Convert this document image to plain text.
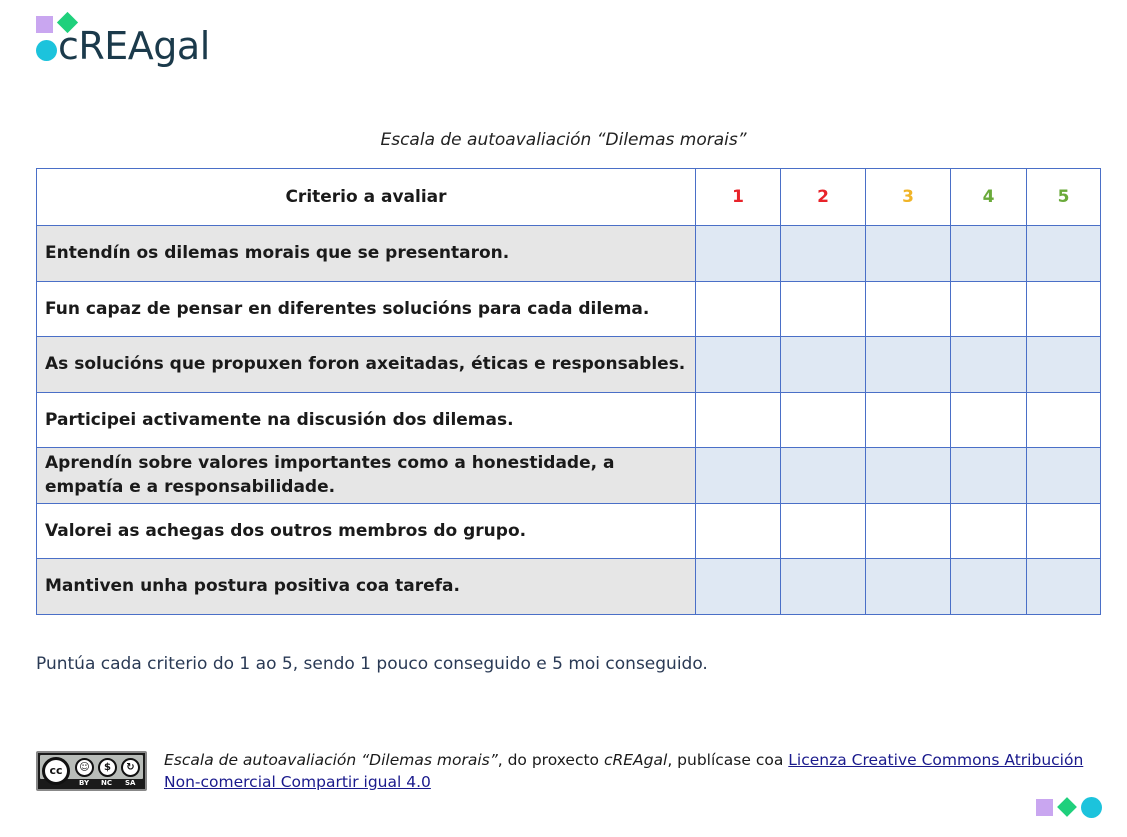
cREAgal
Escala de autoavaliación “Dilemas morais”
Criterio a avaliar	1	2	3	4	5
Entendín os dilemas morais que se presentaron.					
Fun capaz de pensar en diferentes solucións para cada dilema.					
As solucións que propuxen foron axeitadas, éticas e responsables.					
Participei activamente na discusión dos dilemas.					
Aprendín sobre valores importantes como a honestidade, a empatía e a responsabilidade.					
Valorei as achegas dos outros membros do grupo.					
Mantiven unha postura positiva coa tarefa.					
Puntúa cada criterio do 1 ao 5, sendo 1 pouco conseguido e 5 moi conseguido.
cc	☺	$	↻
BY NC SA
Escala de autoavaliación “Dilemas morais”, do proxecto cREAgal, publícase coa Licenza Creative Commons Atribución Non-comercial Compartir igual 4.0
